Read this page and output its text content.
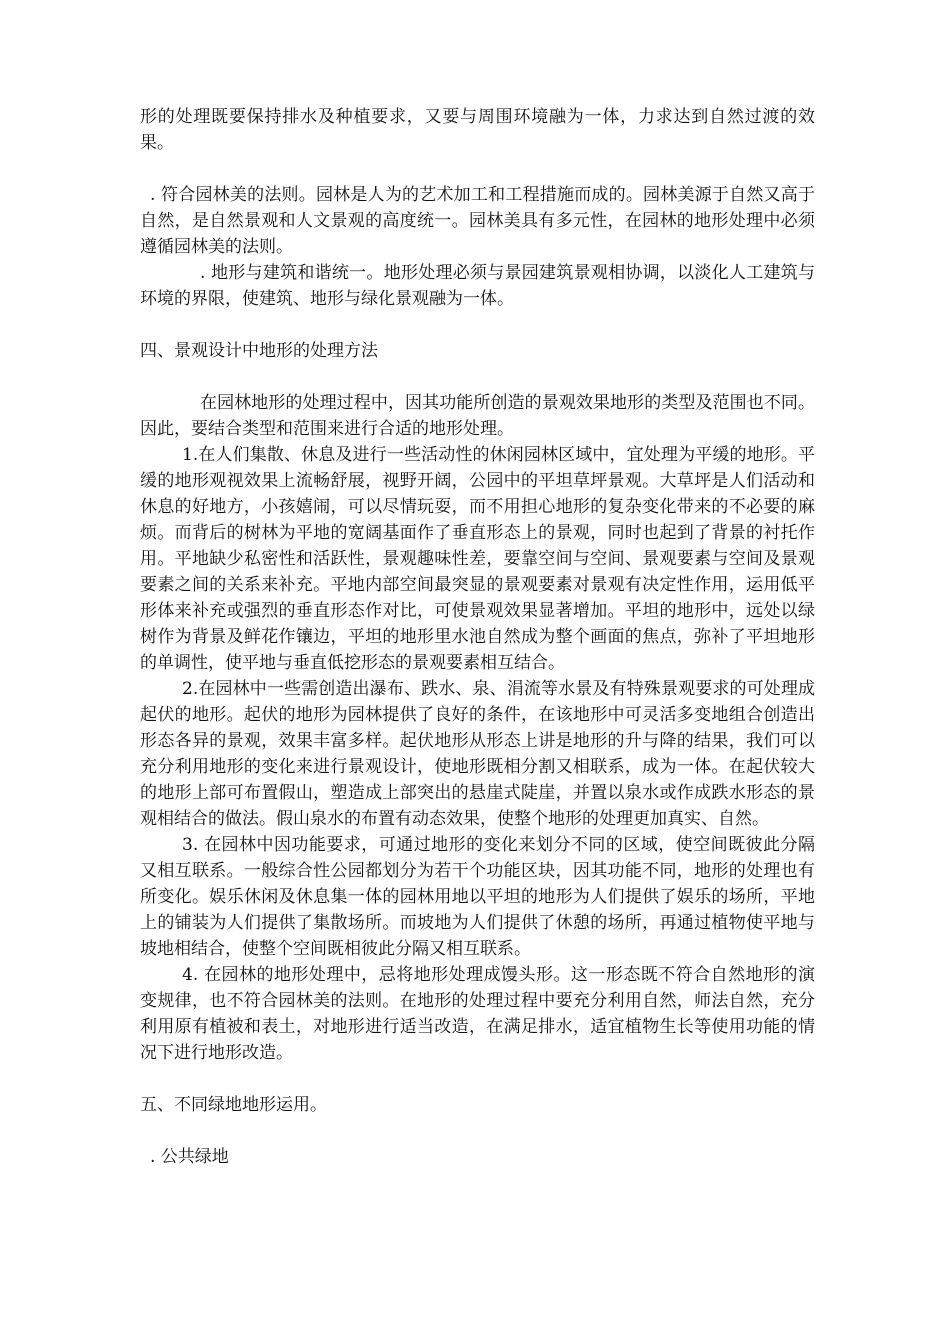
形的处理既要保持排水及种植要求，又要与周围环境融为一体，力求达到自然过渡的效果。

. 符合园林美的法则。园林是人为的艺术加工和工程措施而成的。园林美源于自然又高于自然，是自然景观和人文景观的高度统一。园林美具有多元性，在园林的地形处理中必须遵循园林美的法则。

. 地形与建筑和谐统一。地形处理必须与景园建筑景观相协调，以淡化人工建筑与环境的界限，使建筑、地形与绿化景观融为一体。

四、景观设计中地形的处理方法

在园林地形的处理过程中，因其功能所创造的景观效果地形的类型及范围也不同。因此，要结合类型和范围来进行合适的地形处理。

1.在人们集散、休息及进行一些活动性的休闲园林区域中，宜处理为平缓的地形。平缓的地形观视效果上流畅舒展，视野开阔，公园中的平坦草坪景观。大草坪是人们活动和休息的好地方，小孩嬉闹，可以尽情玩耍，而不用担心地形的复杂变化带来的不必要的麻烦。而背后的树林为平地的宽阔基面作了垂直形态上的景观，同时也起到了背景的衬托作用。平地缺少私密性和活跃性，景观趣味性差，要靠空间与空间、景观要素与空间及景观要素之间的关系来补充。平地内部空间最突显的景观要素对景观有决定性作用，运用低平形体来补充或强烈的垂直形态作对比，可使景观效果显著增加。平坦的地形中，远处以绿树作为背景及鲜花作镶边，平坦的地形里水池自然成为整个画面的焦点，弥补了平坦地形的单调性，使平地与垂直低挖形态的景观要素相互结合。

2.在园林中一些需创造出瀑布、跌水、泉、涓流等水景及有特殊景观要求的可处理成起伏的地形。起伏的地形为园林提供了良好的条件，在该地形中可灵活多变地组合创造出形态各异的景观，效果丰富多样。起伏地形从形态上讲是地形的升与降的结果，我们可以充分利用地形的变化来进行景观设计，使地形既相分割又相联系，成为一体。在起伏较大的地形上部可布置假山，塑造成上部突出的悬崖式陡崖，并置以泉水或作成跌水形态的景观相结合的做法。假山泉水的布置有动态效果，使整个地形的处理更加真实、自然。

3. 在园林中因功能要求，可通过地形的变化来划分不同的区域，使空间既彼此分隔又相互联系。一般综合性公园都划分为若干个功能区块，因其功能不同，地形的处理也有所变化。娱乐休闲及休息集一体的园林用地以平坦的地形为人们提供了娱乐的场所，平地上的铺装为人们提供了集散场所。而坡地为人们提供了休憩的场所，再通过植物使平地与坡地相结合，使整个空间既相彼此分隔又相互联系。

4. 在园林的地形处理中，忌将地形处理成馒头形。这一形态既不符合自然地形的演变规律，也不符合园林美的法则。在地形的处理过程中要充分利用自然，师法自然，充分利用原有植被和表土，对地形进行适当改造，在满足排水，适宜植物生长等使用功能的情况下进行地形改造。

五、不同绿地地形运用。

. 公共绿地
